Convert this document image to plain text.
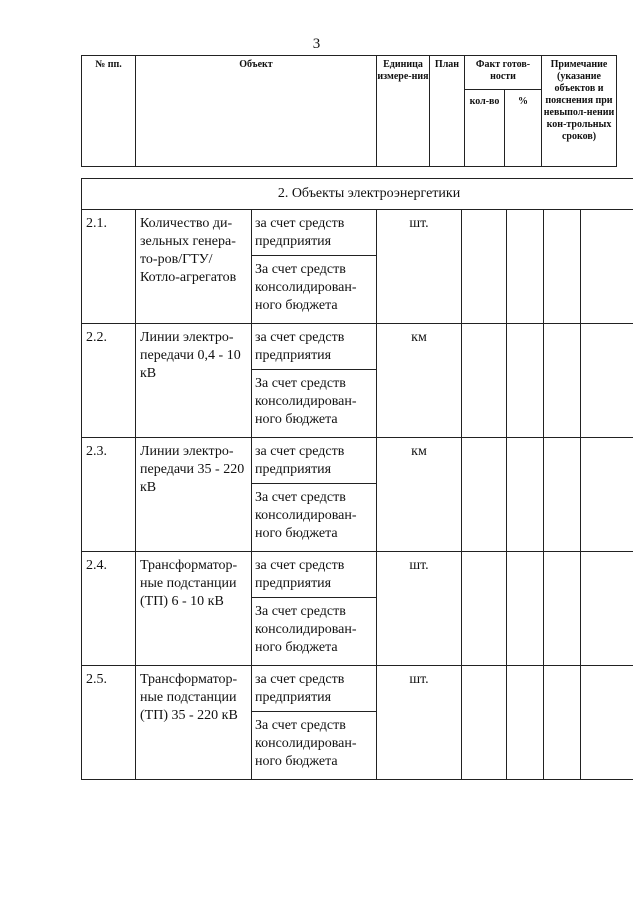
3
№ пп.	Объект	Единица измере-ния	План	Факт готов-ности		Примечание (указание объектов и пояснения при невыпол-нении кон-трольных сроков)
				кол-во	%	
2. Объекты электроэнергетики							
2.1.	Количество ди-зельных генера-то-ров/ГТУ/Котло-агрегатов	за счет средств предприятия	шт.				
		За счет средств консолидирован-ного бюджета					
2.2.	Линии электро-передачи 0,4 - 10 кВ	за счет средств предприятия	км				
		За счет средств консолидирован-ного бюджета					
2.3.	Линии электро-передачи 35 - 220 кВ	за счет средств предприятия	км				
		За счет средств консолидирован-ного бюджета					
2.4.	Трансформатор-ные подстанции (ТП) 6 - 10 кВ	за счет средств предприятия	шт.				
		За счет средств консолидирован-ного бюджета					
2.5.	Трансформатор-ные подстанции (ТП) 35 - 220 кВ	за счет средств предприятия	шт.				
		За счет средств консолидирован-ного бюджета					
